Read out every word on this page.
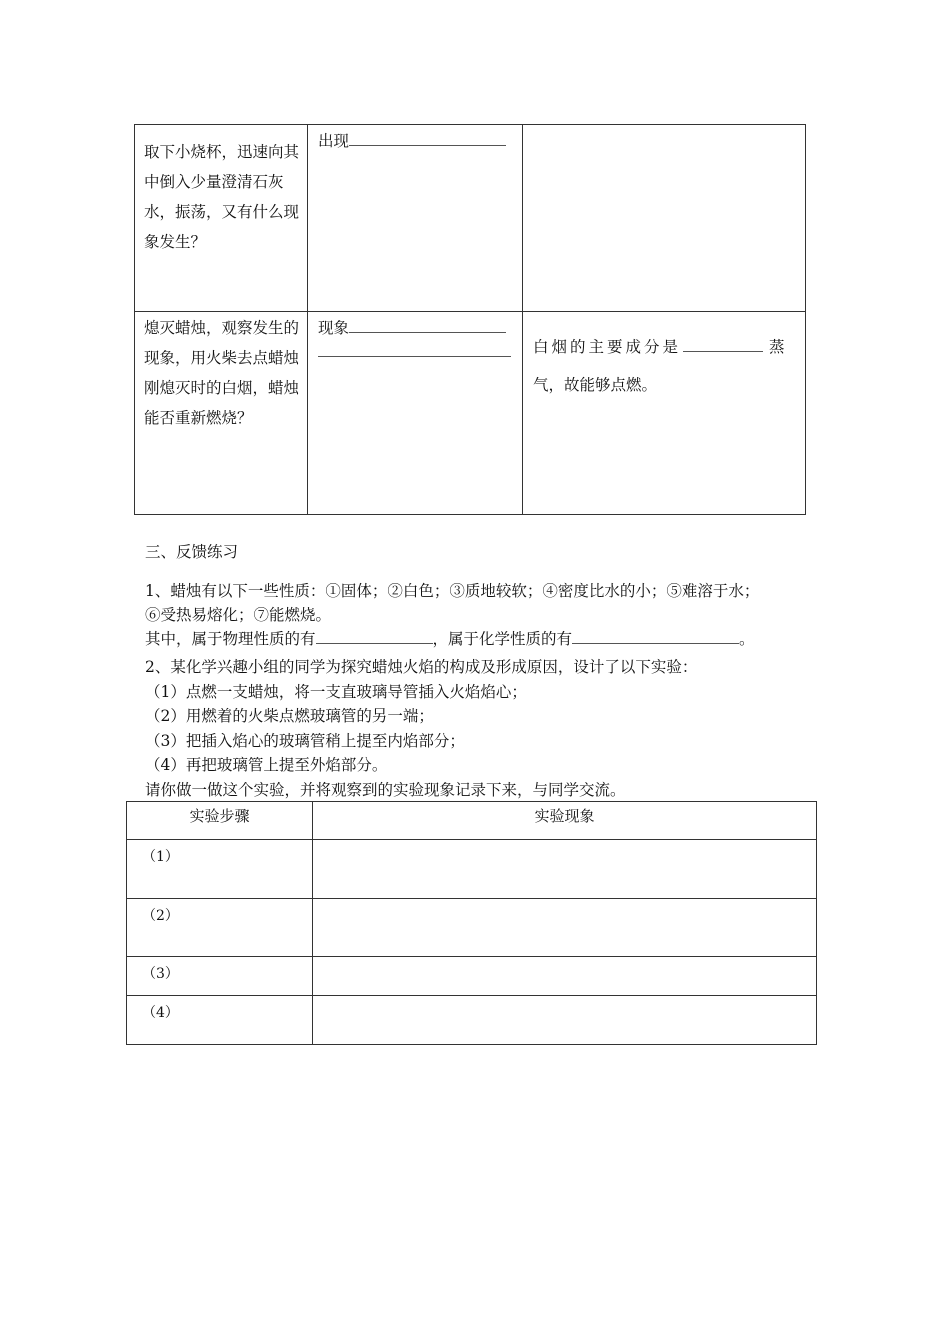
取下小烧杯，迅速向其中倒入少量澄清石灰水，振荡，又有什么现象发生？	出现	
熄灭蜡烛，观察发生的现象，用火柴去点蜡烛刚熄灭时的白烟，蜡烛能否重新燃烧？	现象	白烟的主要成分是 蒸
气，故能够点燃。
三、反馈练习
1、蜡烛有以下一些性质：①固体；②白色；③质地较软；④密度比水的小；⑤难溶于水；
⑥受热易熔化；⑦能燃烧。
其中，属于物理性质的有	，属于化学性质的有	。
2、某化学兴趣小组的同学为探究蜡烛火焰的构成及形成原因，设计了以下实验：
（1）点燃一支蜡烛，将一支直玻璃导管插入火焰焰心；
（2）用燃着的火柴点燃玻璃管的另一端；
（3）把插入焰心的玻璃管稍上提至内焰部分；
（4）再把玻璃管上提至外焰部分。
请你做一做这个实验，并将观察到的实验现象记录下来，与同学交流。
实验步骤	实验现象
（1）	
（2）	
（3）	
（4）	
